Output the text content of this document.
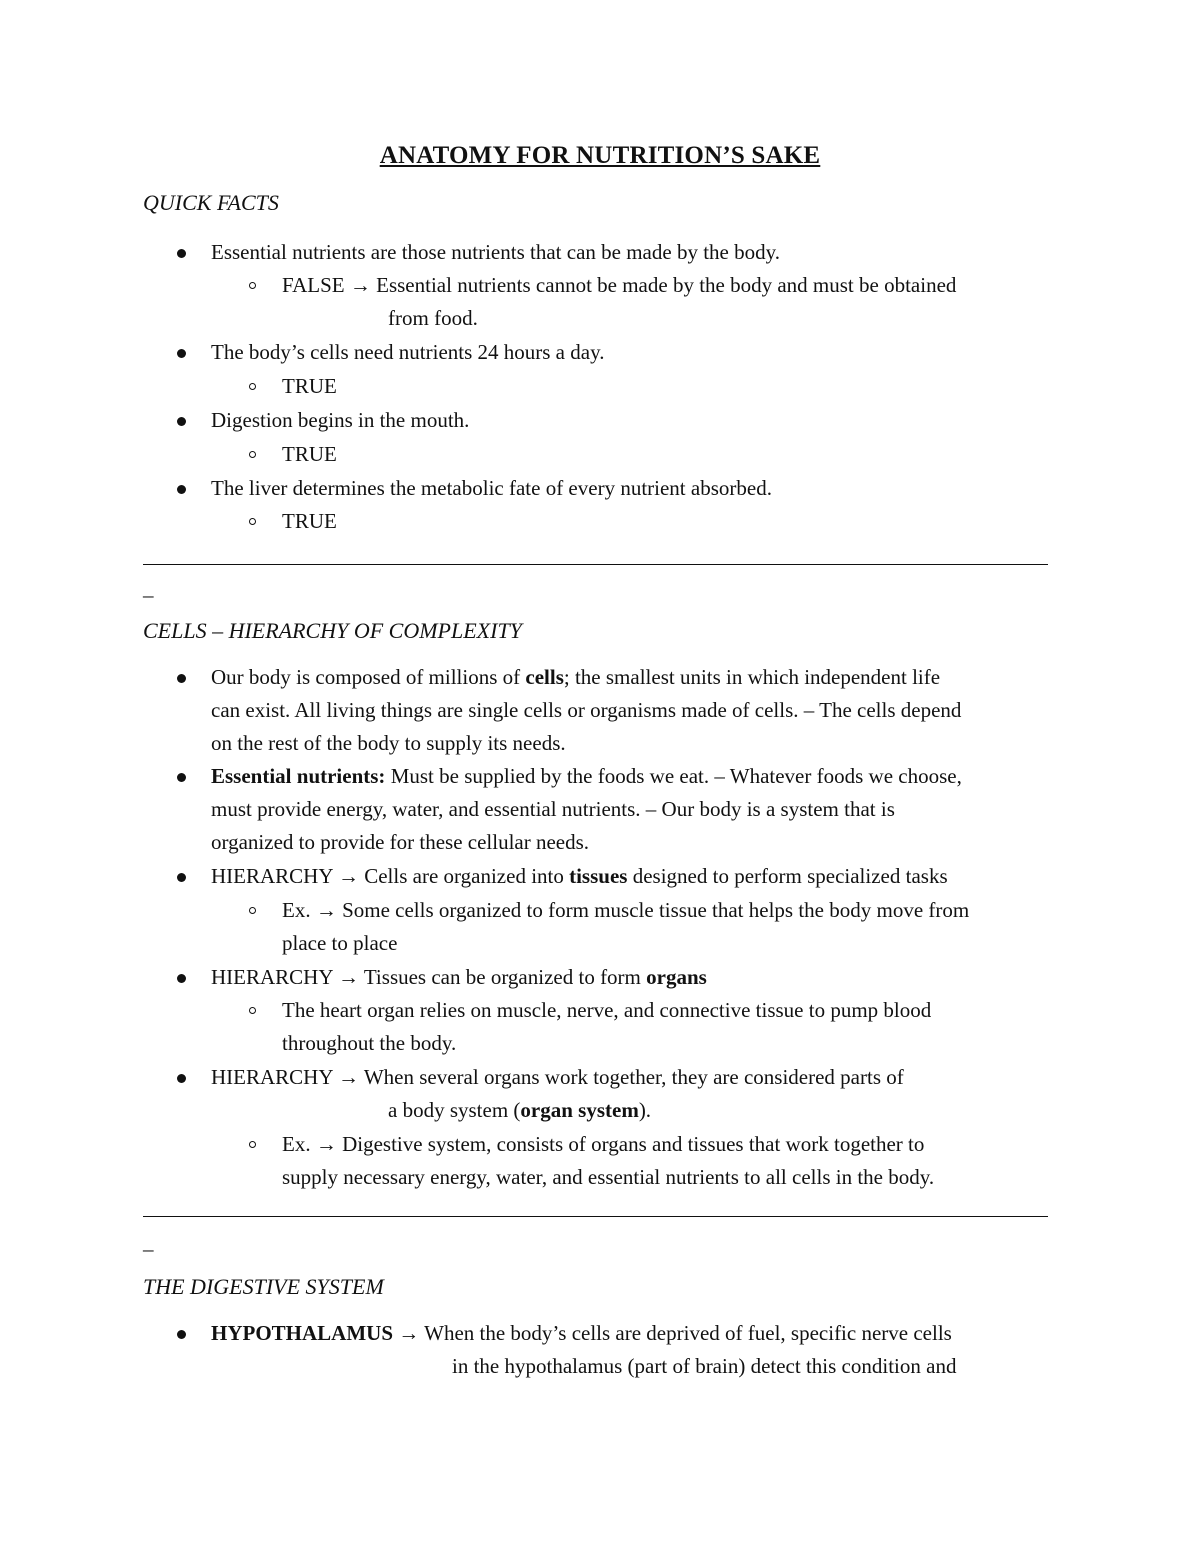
ANATOMY FOR NUTRITION’S SAKE
QUICK FACTS
Essential nutrients are those nutrients that can be made by the body.
FALSE → Essential nutrients cannot be made by the body and must be obtained
from food.
The body’s cells need nutrients 24 hours a day.
TRUE
Digestion begins in the mouth.
TRUE
The liver determines the metabolic fate of every nutrient absorbed.
TRUE
_
CELLS – HIERARCHY OF COMPLEXITY
Our body is composed of millions of cells; the smallest units in which independent life
can exist. All living things are single cells or organisms made of cells. – The cells depend
on the rest of the body to supply its needs.
Essential nutrients: Must be supplied by the foods we eat. – Whatever foods we choose,
must provide energy, water, and essential nutrients. – Our body is a system that is
organized to provide for these cellular needs.
HIERARCHY → Cells are organized into tissues designed to perform specialized tasks
Ex. → Some cells organized to form muscle tissue that helps the body move from
place to place
HIERARCHY → Tissues can be organized to form organs
The heart organ relies on muscle, nerve, and connective tissue to pump blood
throughout the body.
HIERARCHY → When several organs work together, they are considered parts of
a body system (organ system).
Ex. → Digestive system, consists of organs and tissues that work together to
supply necessary energy, water, and essential nutrients to all cells in the body.
_
THE DIGESTIVE SYSTEM
HYPOTHALAMUS → When the body’s cells are deprived of fuel, specific nerve cells
in the hypothalamus (part of brain) detect this condition and
